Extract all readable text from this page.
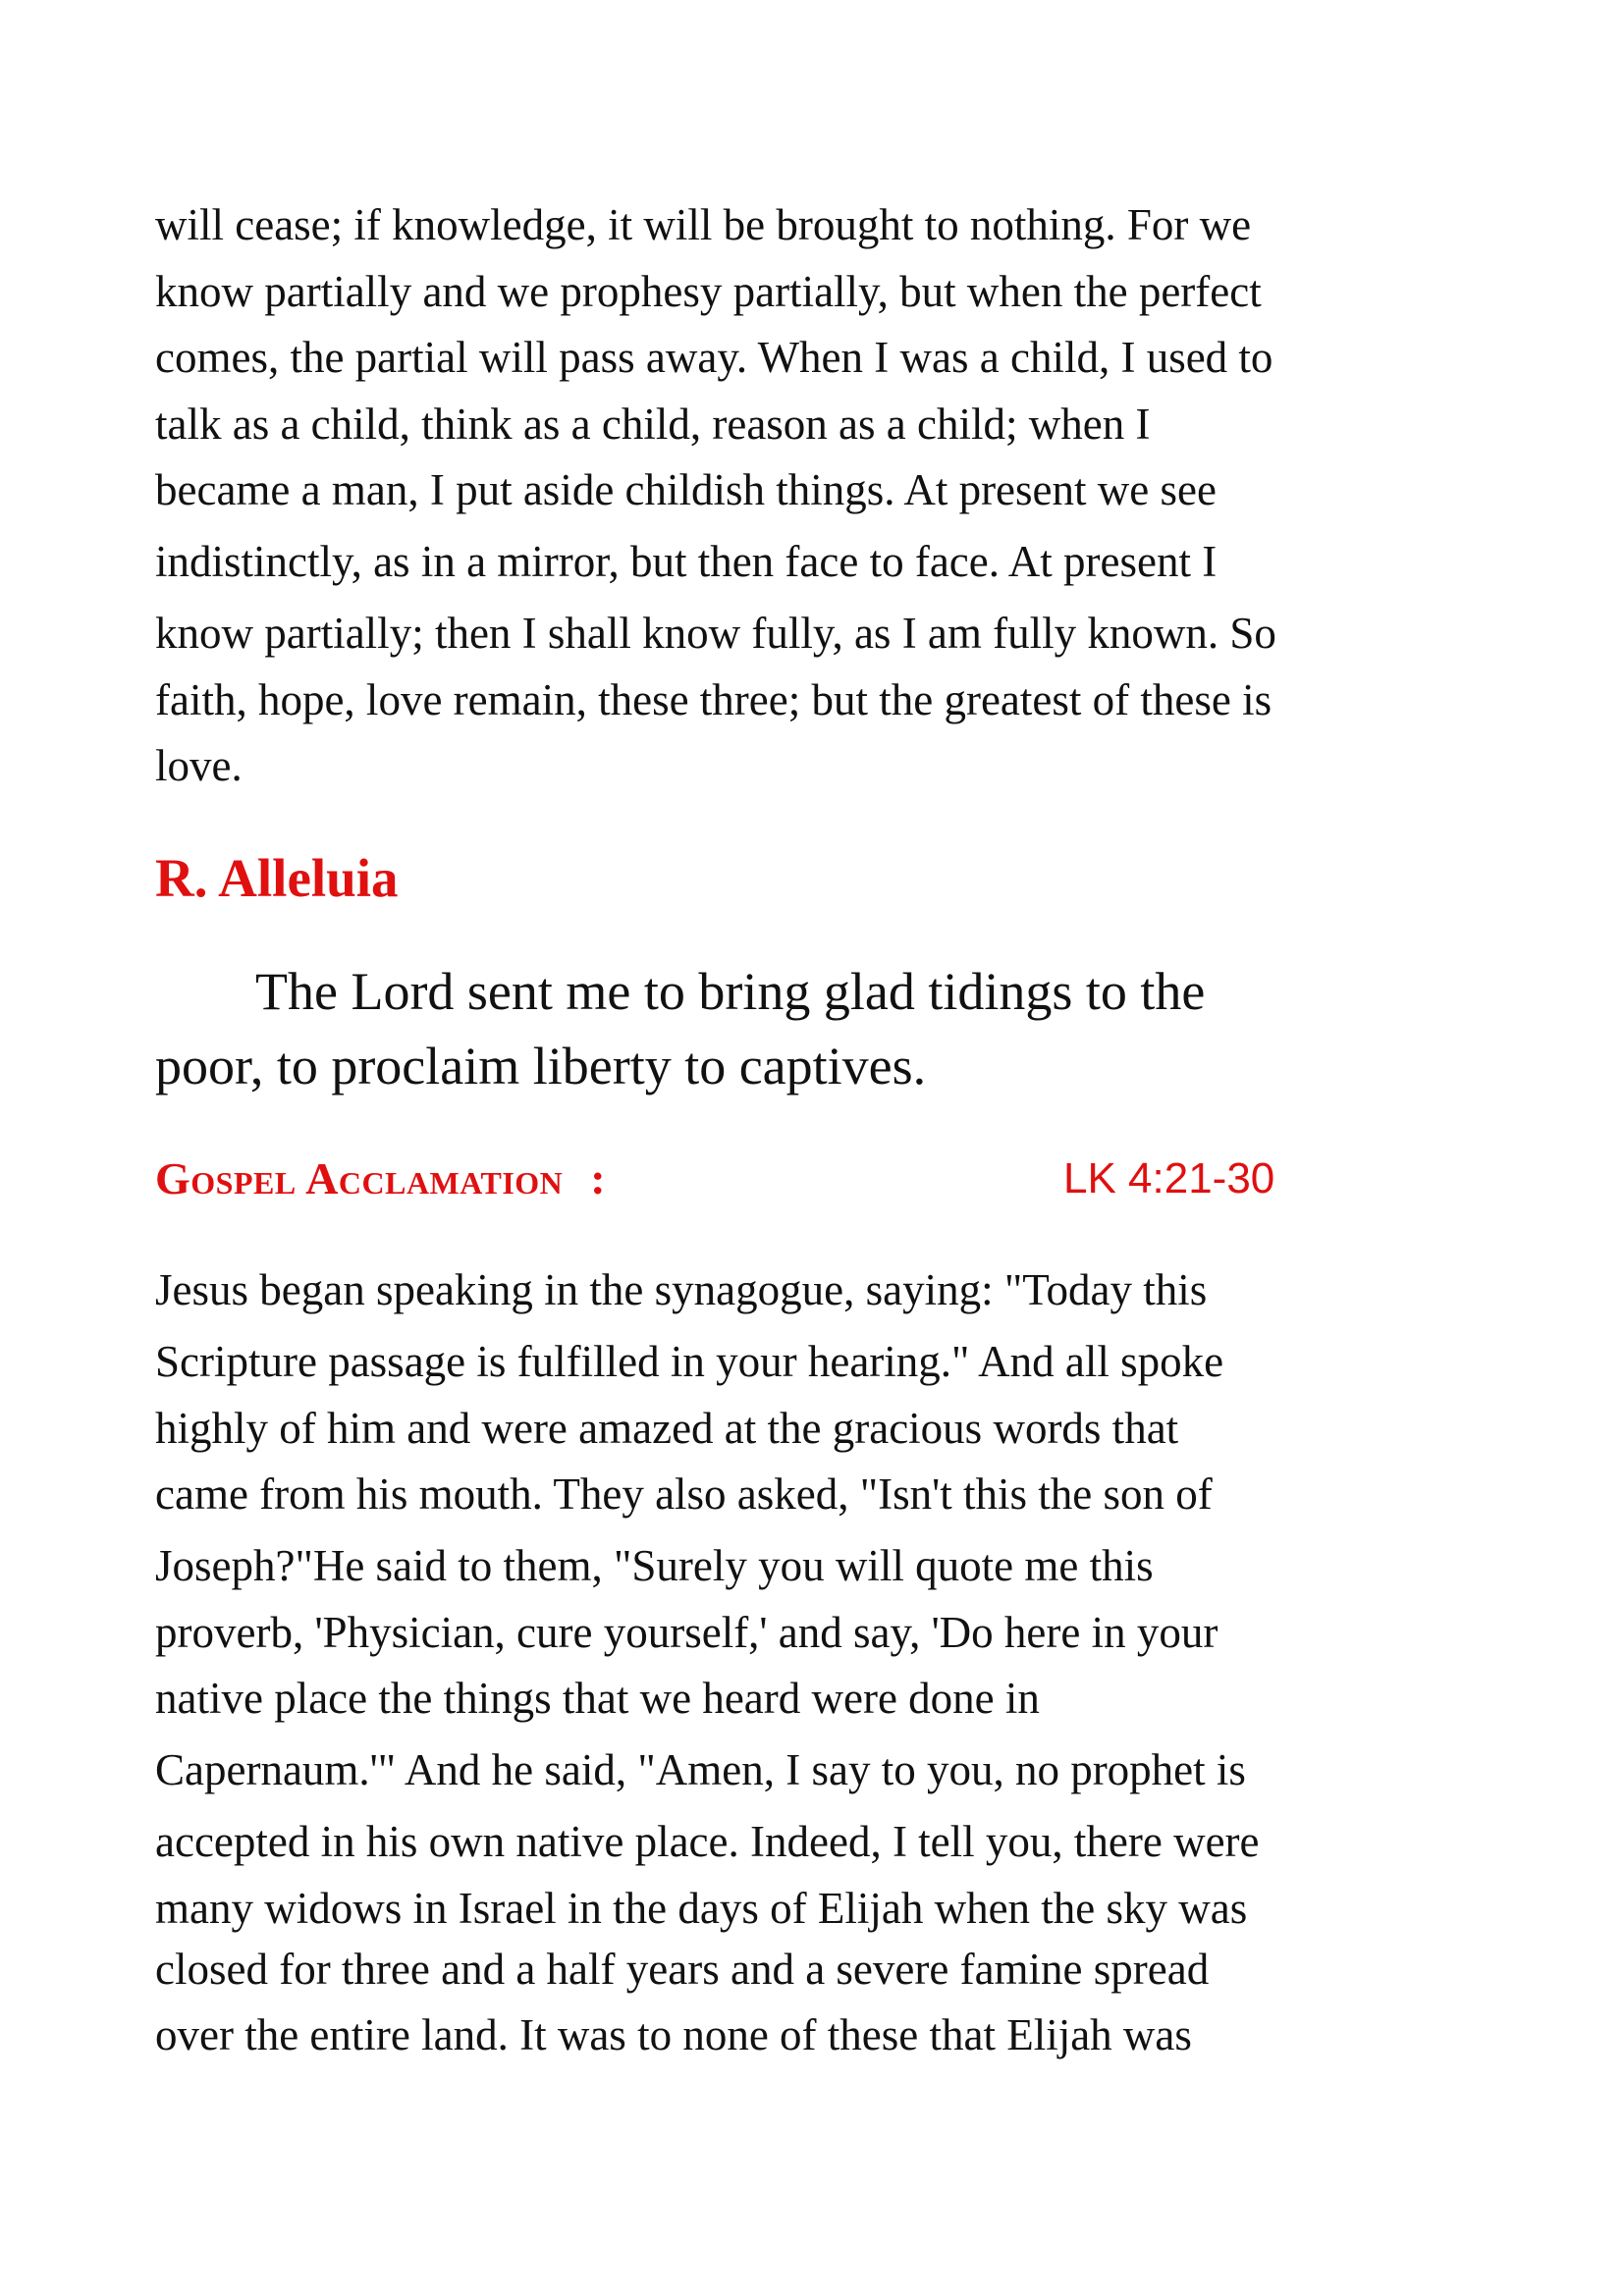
will cease; if knowledge, it will be brought to nothing. For we
know partially and we prophesy partially, but when the perfect
comes, the partial will pass away. When I was a child, I used to
talk as a child, think as a child, reason as a child; when I
became a man, I put aside childish things. At present we see
indistinctly, as in a mirror, but then face to face. At present I
know partially; then I shall know fully, as I am fully known. So
faith, hope, love remain, these three; but the greatest of these is
love.
R. Alleluia
The Lord sent me to bring glad tidings to the
poor, to proclaim liberty to captives.
Gospel Acclamation :	LK 4:21-30
Jesus began speaking in the synagogue, saying: "Today this
Scripture passage is fulfilled in your hearing." And all spoke
highly of him and were amazed at the gracious words that
came from his mouth. They also asked, "Isn't this the son of
Joseph?"He said to them, "Surely you will quote me this
proverb, 'Physician, cure yourself,' and say, 'Do here in your
native place the things that we heard were done in
Capernaum.'" And he said, "Amen, I say to you, no prophet is
accepted in his own native place. Indeed, I tell you, there were
many widows in Israel in the days of Elijah when the sky was
closed for three and a half years and a severe famine spread
over the entire land. It was to none of these that Elijah was
